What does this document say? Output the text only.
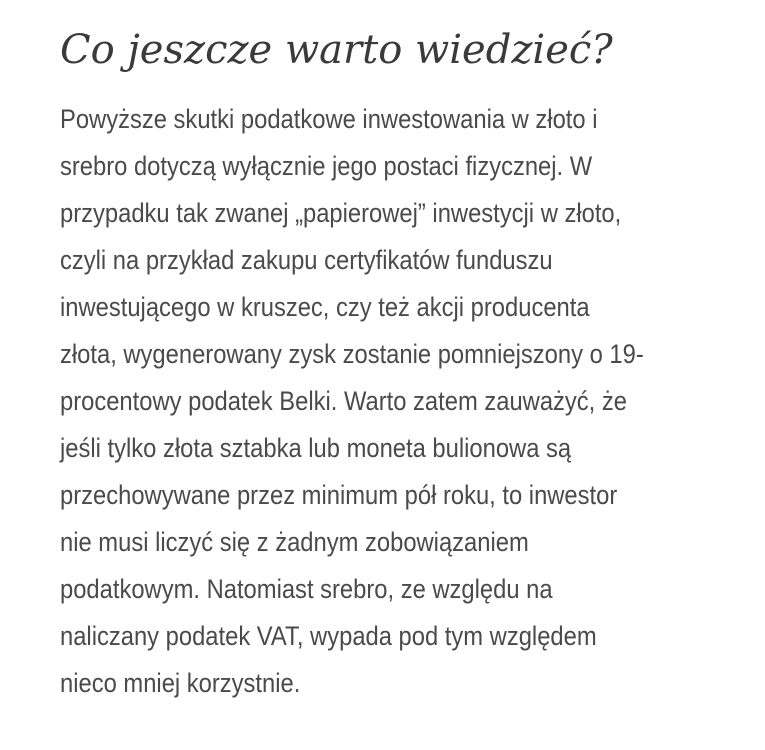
Co jeszcze warto wiedzieć?

Powyższe skutki podatkowe inwestowania w złoto i
srebro dotyczą wyłącznie jego postaci fizycznej. W
przypadku tak zwanej „papierowej” inwestycji w złoto,
czyli na przykład zakupu certyfikatów funduszu
inwestującego w kruszec, czy też akcji producenta
złota, wygenerowany zysk zostanie pomniejszony o 19-
procentowy podatek Belki. Warto zatem zauważyć, że
jeśli tylko złota sztabka lub moneta bulionowa są
przechowywane przez minimum pół roku, to inwestor
nie musi liczyć się z żadnym zobowiązaniem
podatkowym. Natomiast srebro, ze względu na
naliczany podatek VAT, wypada pod tym względem
nieco mniej korzystnie.
